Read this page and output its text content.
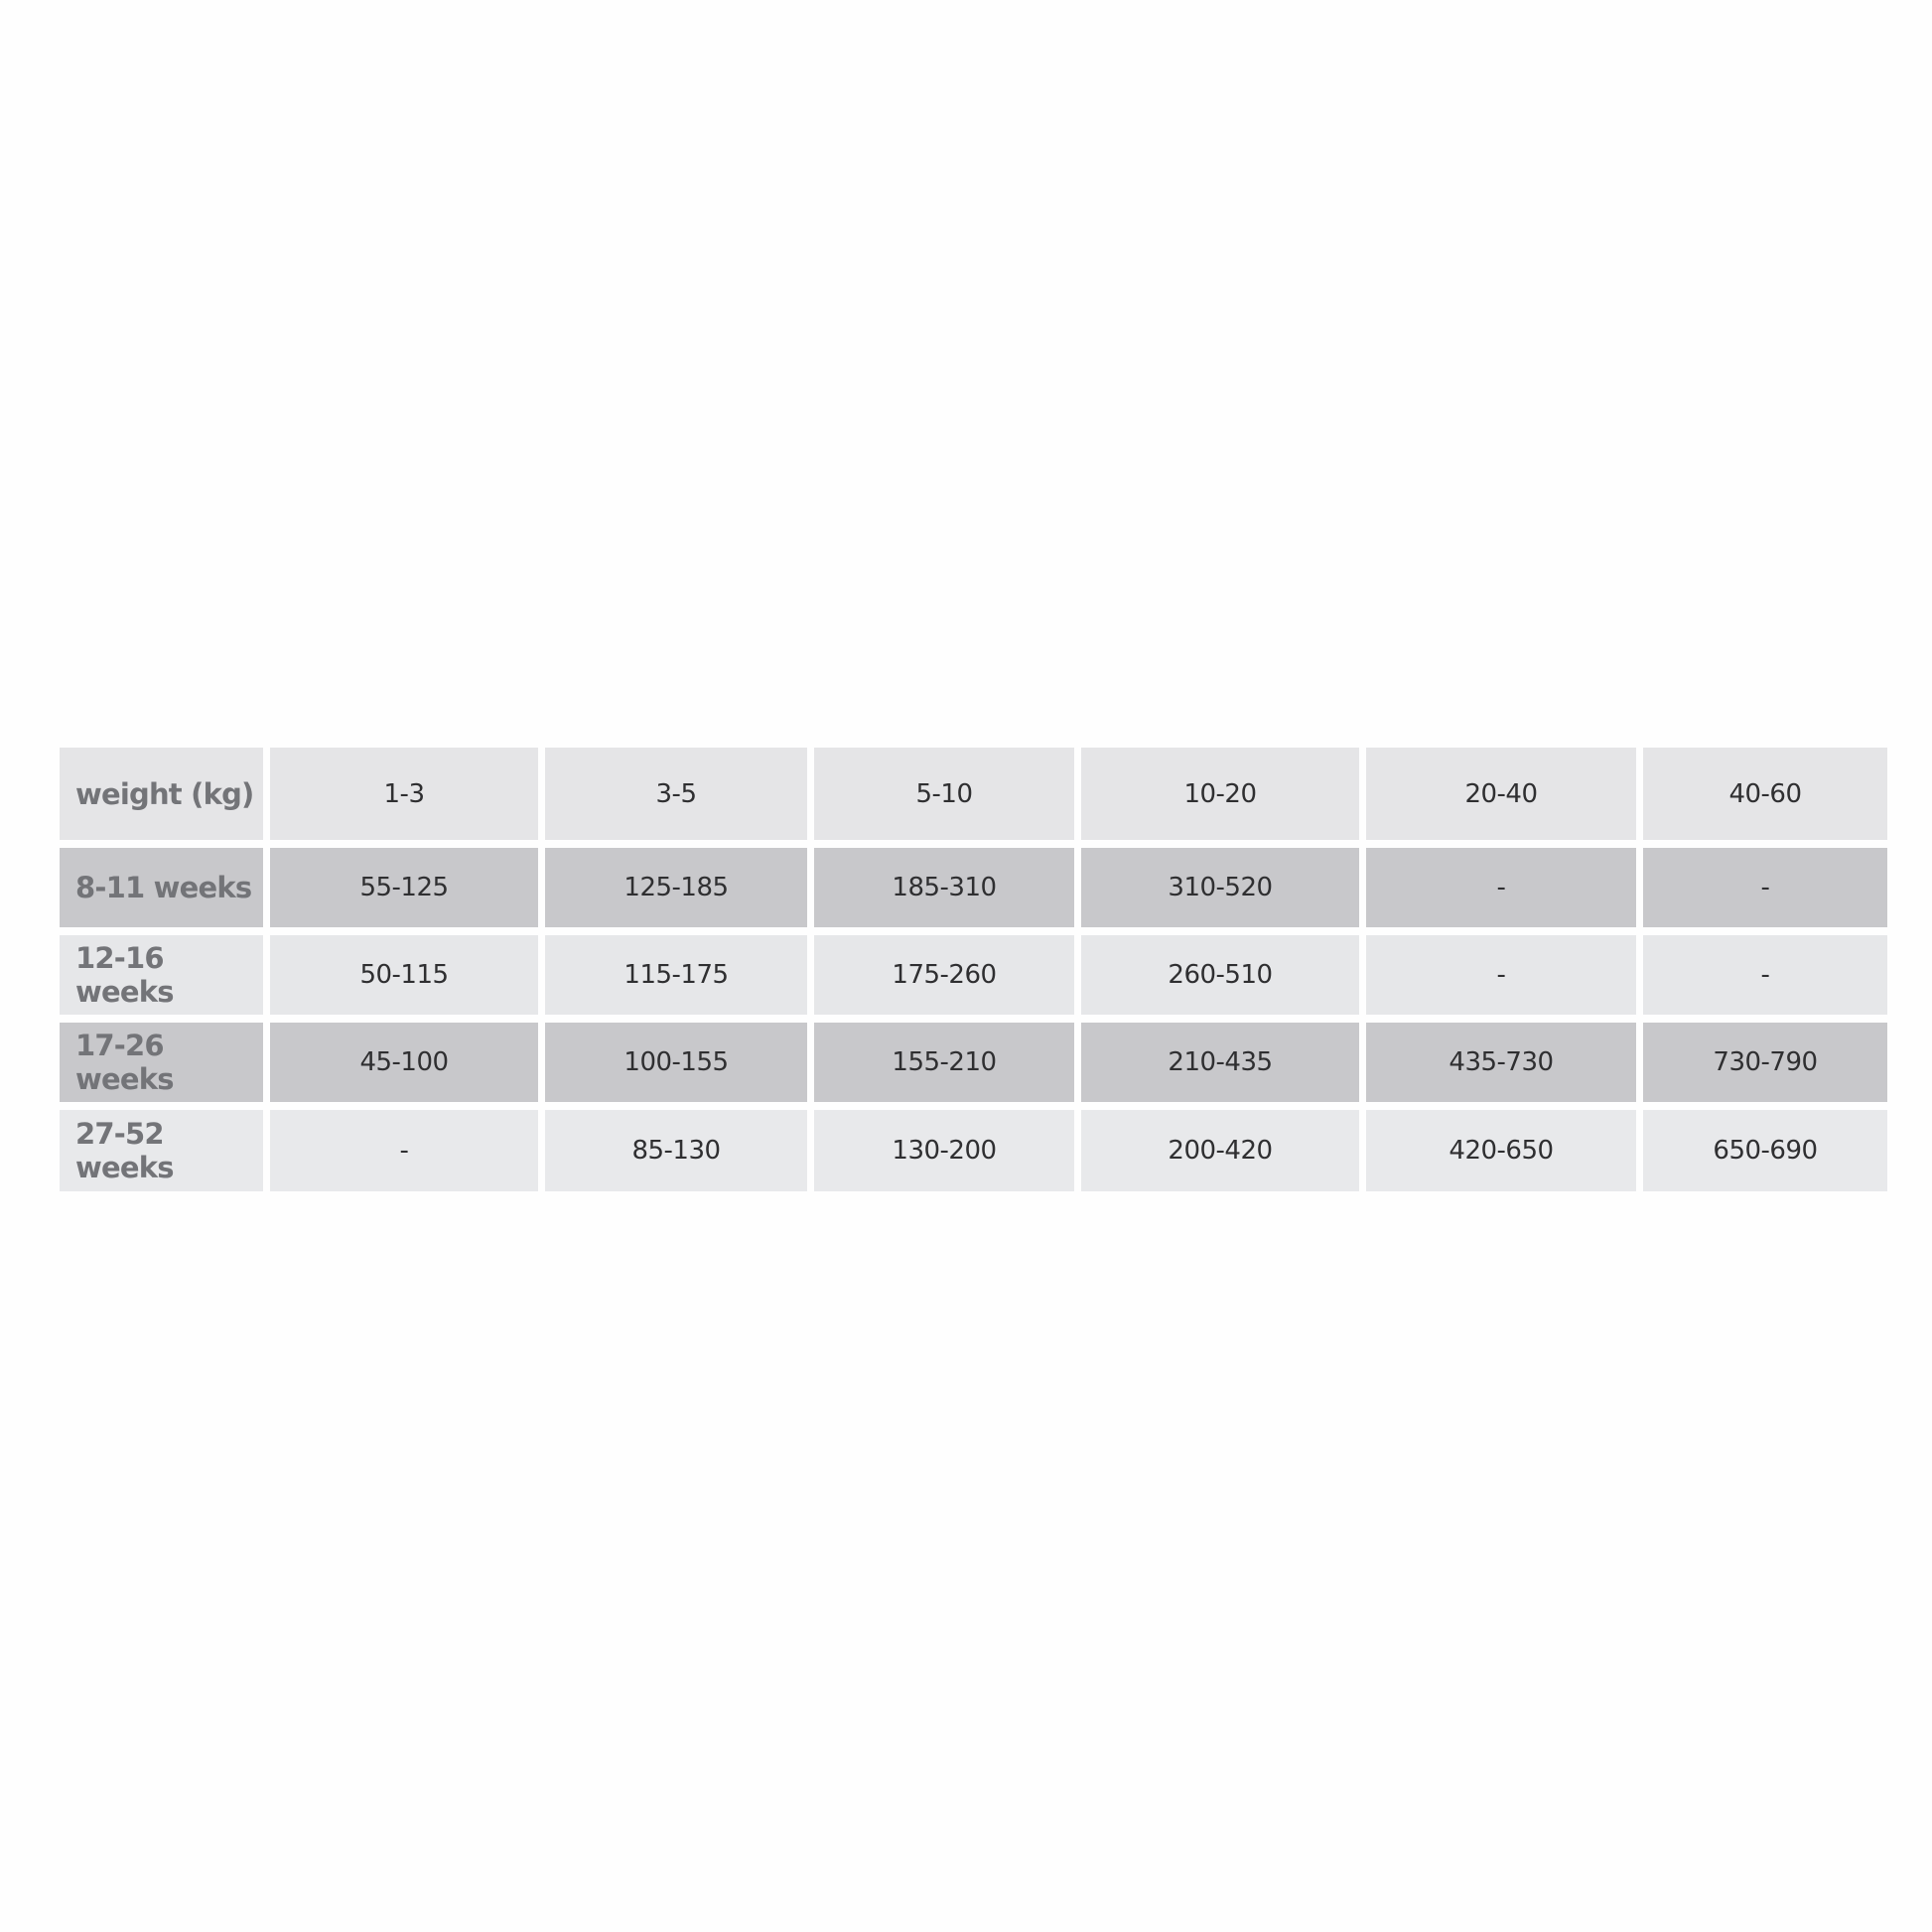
weight (kg)	1-3	3-5	5-10	10-20	20-40	40-60
8-11 weeks	55-125	125-185	185-310	310-520	-	-
12-16 weeks	50-115	115-175	175-260	260-510	-	-
17-26 weeks	45-100	100-155	155-210	210-435	435-730	730-790
27-52 weeks	-	85-130	130-200	200-420	420-650	650-690
